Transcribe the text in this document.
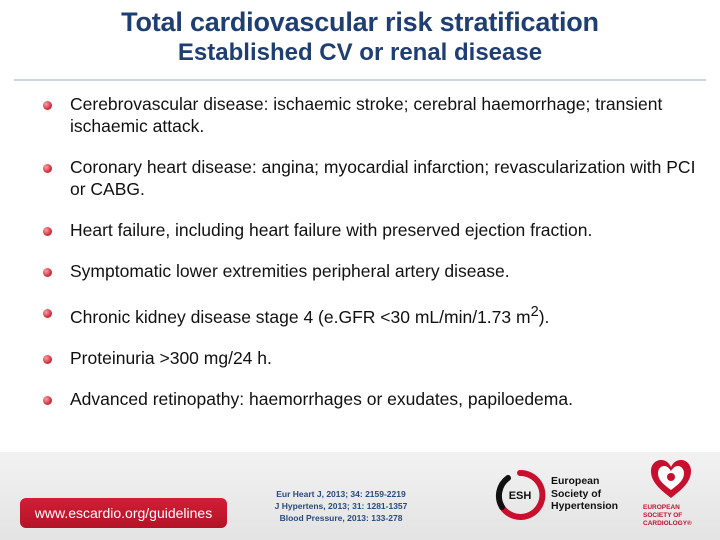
Total cardiovascular risk stratification
Established CV or renal disease
Cerebrovascular disease: ischaemic stroke; cerebral haemorrhage; transient ischaemic attack.
Coronary heart disease: angina; myocardial infarction; revascularization with PCI or CABG.
Heart failure, including heart failure with preserved ejection fraction.
Symptomatic lower extremities peripheral artery disease.
Chronic kidney disease stage 4 (e.GFR <30 mL/min/1.73 $m^2$).
Proteinuria >300 mg/24 h.
Advanced retinopathy: haemorrhages or exudates, papiloedema.
www.escardio.org/guidelines
Eur Heart J, 2013; 34: 2159-2219
J Hypertens, 2013; 31: 1281-1357
Blood Pressure, 2013: 133-278
ESH
European
Society of
Hypertension	EUROPEAN
SOCIETY OF
CARDIOLOGY®
